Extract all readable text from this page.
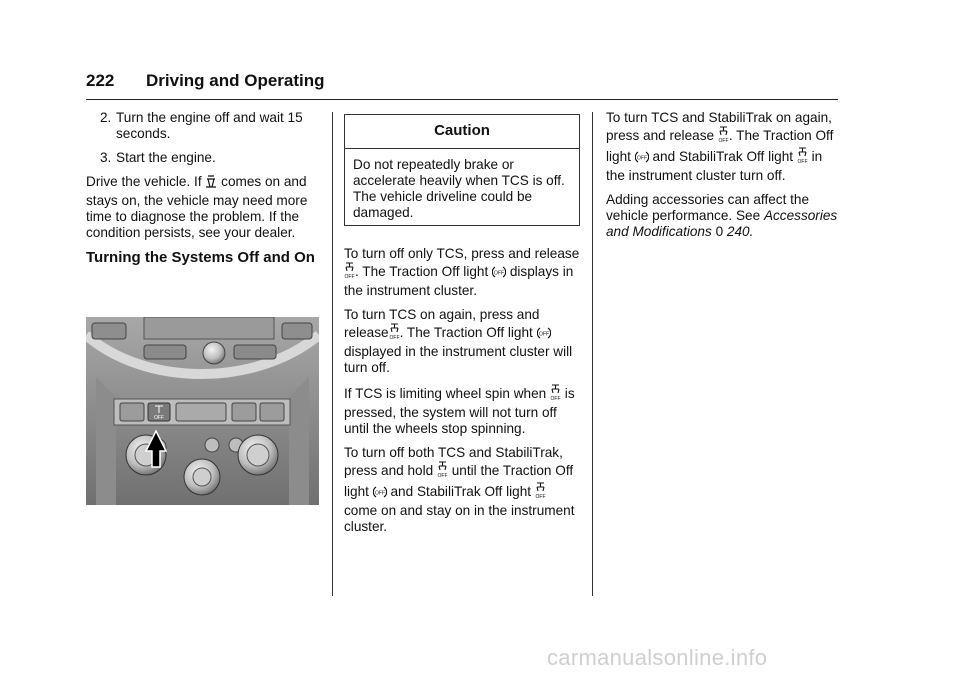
222 Driving and Operating
2. Turn the engine off and wait 15 seconds.
3. Start the engine.

Drive the vehicle. If comes on and stays on, the vehicle may need more time to diagnose the problem. If the condition persists, see your dealer.

Turning the Systems Off and On
OFF
Caution
Do not repeatedly brake or accelerate heavily when TCS is off. The vehicle driveline could be damaged.

To turn off only TCS, press and release
OFF . The Traction Off light OFF displays in the instrument cluster.

To turn TCS on again, press and release OFF . The Traction Off light OFF
displayed in the instrument cluster will turn off.

If TCS is limiting wheel spin when OFF is pressed, the system will not turn off until the wheels stop spinning.

To turn off both TCS and StabiliTrak, press and hold OFF until the Traction Off light OFF and StabiliTrak Off light OFF
come on and stay on in the instrument cluster.

To turn TCS and StabiliTrak on again, press and release OFF . The Traction Off light OFF and StabiliTrak Off light OFF in the instrument cluster turn off.

Adding accessories can affect the vehicle performance. See Accessories and Modifications 0 240.

carmanualsonline.info
